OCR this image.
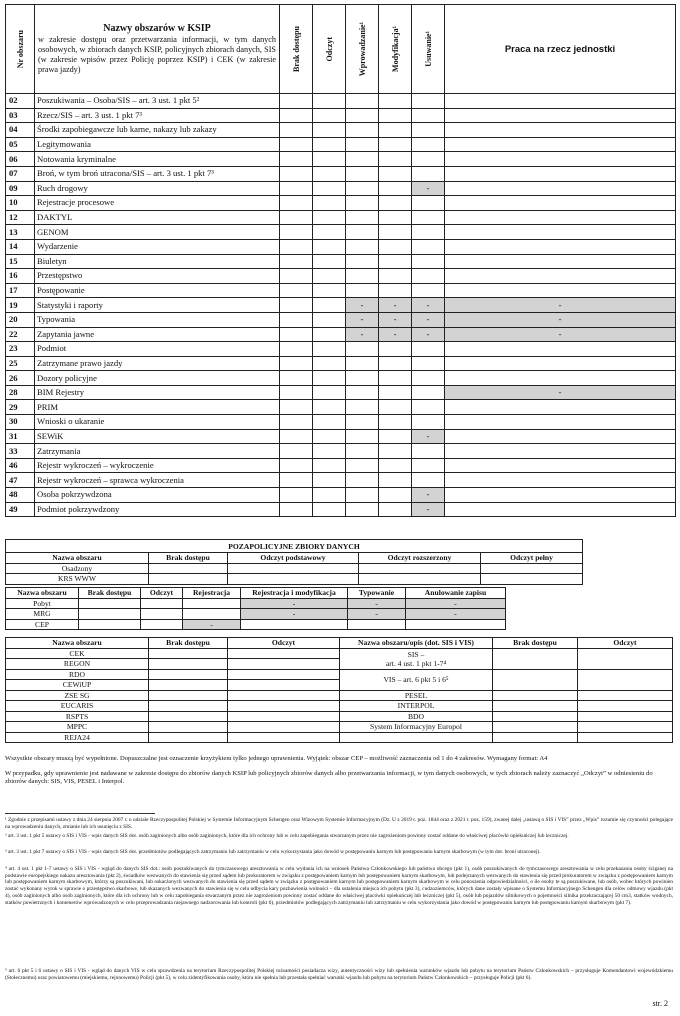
Nr obszaru	Nazwy obszarów w KSIP
w zakresie dostępu oraz przetwarzania informacji, w tym danych osobowych, w zbiorach danych KSIP, policyjnych zbiorach danych, SIS (w zakresie wpisów przez Policję poprzez KSIP) i CEK (w zakresie prawa jazdy)	Brak dostępu	Odczyt	Wprowadzanie¹	Modyfikacja¹	Usuwanie¹	Praca na rzecz jednostki
02	Poszukiwania – Osoba/SIS – art. 3 ust. 1 pkt 5²						
03	Rzecz/SIS – art. 3 ust. 1 pkt 7³						
04	Środki zapobiegawcze lub karne, nakazy lub zakazy						
05	Legitymowania						
06	Notowania kryminalne						
07	Broń, w tym broń utracona/SIS – art. 3 ust. 1 pkt 7³						
09	Ruch drogowy					-	
10	Rejestracje procesowe						
12	DAKTYL						
13	GENOM						
14	Wydarzenie						
15	Biuletyn						
16	Przestępstwo						
17	Postępowanie						
19	Statystyki i raporty			-	-	-	-
20	Typowania			-	-	-	-
22	Zapytania jawne			-	-	-	-
23	Podmiot						
25	Zatrzymane prawo jazdy						
26	Dozory policyjne						
28	BIM Rejestry						-
29	PRIM						
30	Wnioski o ukaranie						
31	SEWiK					-	
33	Zatrzymania						
46	Rejestr wykroczeń – wykroczenie						
47	Rejestr wykroczeń – sprawca wykroczenia						
48	Osoba pokrzywdzona					-	
49	Podmiot pokrzywdzony					-	
POZAPOLICYJNE ZBIORY DANYCH				
Nazwa obszaru	Brak dostępu	Odczyt podstawowy	Odczyt rozszerzony	Odczyt pełny
Osadzony				
KRS WWW				
Nazwa obszaru	Brak dostępu	Odczyt	Rejestracja	Rejestracja i modyfikacja	Typowanie	Anulowanie zapisu
Pobyt				-	-	-
MRG				-	-	-
CEP			-			
Nazwa obszaru	Brak dostępu	Odczyt	Nazwa obszaru/opis (dot. SIS i VIS)	Brak dostępu	Odczyt
CEK			SIS –
art. 4 ust. 1 pkt 1-7⁴		
REGON					
RDO			VIS – art. 6 pkt 5 i 6⁵		
CEWiUP					
ZSE SG			PESEL		
EUCARIS			INTERPOL		
RSPTS			BDO		
MPPC			System Informacyjny Europol		
REJA24					
Wszystkie obszary muszą być wypełnione. Dopuszczalne jest oznaczenie krzyżykiem tylko jednego uprawnienia. Wyjątek: obszar CEP – możliwość zaznaczenia od 1 do 4 zakresów. Wymagany format: A4
W przypadku, gdy uprawnienie jest nadawane w zakresie dostępu do zbiorów danych KSIP lub policyjnych zbiorów danych albo przetwarzania informacji, w tym danych osobowych, w tych zbiorach należy zaznaczyć „Odczyt” w odniesieniu do zbiorów danych: SIS, VIS, PESEL i Interpol.
¹ Zgodnie z przepisami ustawy z dnia 24 sierpnia 2007 r. o udziale Rzeczypospolitej Polskiej w Systemie Informacyjnym Schengen oraz Wizowym Systemie Informacyjnym (Dz. U z 2019 r. poz. 1844 oraz z 2021 r. poz. 159), zwanej dalej „ustawą o SIS i VIS” przez „Wpis” rozumie się czynności polegające na wprowadzeniu danych, zmianie lub ich usunięciu z SIS.
² art. 3 ust. 1 pkt 5 ustawy o SIS i VIS - wpis danych SIS dot. osób zaginionych albo osób zaginionych, które dla ich ochrony lub w celu zapobiegania stwarzanym przez nie zagrożeniom powinny zostać oddane do właściwej placówki opiekuńczej lub leczniczej.
³ art. 3 ust. 1 pkt 7 ustawy o SIS i VIS - wpis danych SIS dot. przedmiotów podlegających zatrzymaniu lub zatrzymaniu w celu wykorzystania jako dowód w postępowaniu karnym lub postępowaniu karnym skarbowym (w tym dot. broni utraconej).
⁴ art. 4 ust. 1 pkt 1-7 ustawy o SIS i VIS - wgląd do danych SIS dot.: osób poszukiwanych do tymczasowego aresztowania w celu wydania ich na wniosek Państwa Członkowskiego lub państwa obcego (pkt 1), osób poszukiwanych do tymczasowego aresztowania w celu przekazania osoby ściganej na podstawie europejskiego nakazu aresztowania (pkt 2), świadków wezwanych do stawienia się przed sądem lub prokuratorem w związku z postępowaniem karnym lub postępowaniem karnym skarbowym, lub podejrzanych wezwanych do stawienia się przed prokuratorem w związku z postępowaniem karnym lub postępowaniem karnym skarbowym, którzy są poszukiwani, lub oskarżonych wezwanych do stawienia się przed sądem w związku z postępowaniem karnym lub postępowaniem karnym skarbowym w celu ponoszenia odpowiedzialności, o ile osoby te są poszukiwane, lub osób, wobec których powinien zostać wykonany wyrok w sprawie o przestępstwo skarbowe, lub skazanych wezwanych do stawienia się w celu odbycia kary pozbawienia wolności – dla ustalenia miejsca ich pobytu (pkt 3), cudzoziemców, których dane zostały wpisane o Systemu Informacyjnego Schengen dla celów odmowy wjazdu (pkt 4), osób zaginionych albo osób zaginionych, które dla ich ochrony lub w celu zapobiegania stwarzanym przez nie zagrożeniom powinny zostać oddane do właściwej placówki opiekuńczej lub leczniczej (pkt 5), osób lub pojazdów silnikowych o pojemności silnika przekraczającej 50 cm3, statków wodnych, statków powietrznych i kontenerów wprowadzonych w celu przeprowadzania niejawnego nadzorowania lub kontroli (pkt 6), przedmiotów podlegających zatrzymaniu lub zatrzymaniu w celu wykorzystania jako dowód w postępowaniu karnym lub postępowaniu karnym skarbowym (pkt 7).
⁵ art. 6 pkt 5 i 6 ustawy o SIS i VIS - wgląd do danych VIS w celu sprawdzenia na terytorium Rzeczypospolitej Polskiej tożsamości posiadacza wizy, autentyczności wizy lub spełnienia warunków wjazdu lub pobytu na terytorium Państw Członkowskich – przysługuje Komendantowi wojewódzkiemu (Stołecznemu) oraz powiatowemu (miejskiemu, rejonowemu) Policji (pkt 5), w celu zidentyfikowania osoby, która nie spełnia lub przestała spełniać warunki wjazdu lub pobytu na terytorium Państw Członkowskich – przysługuje Policji (pkt 6).
str. 2
